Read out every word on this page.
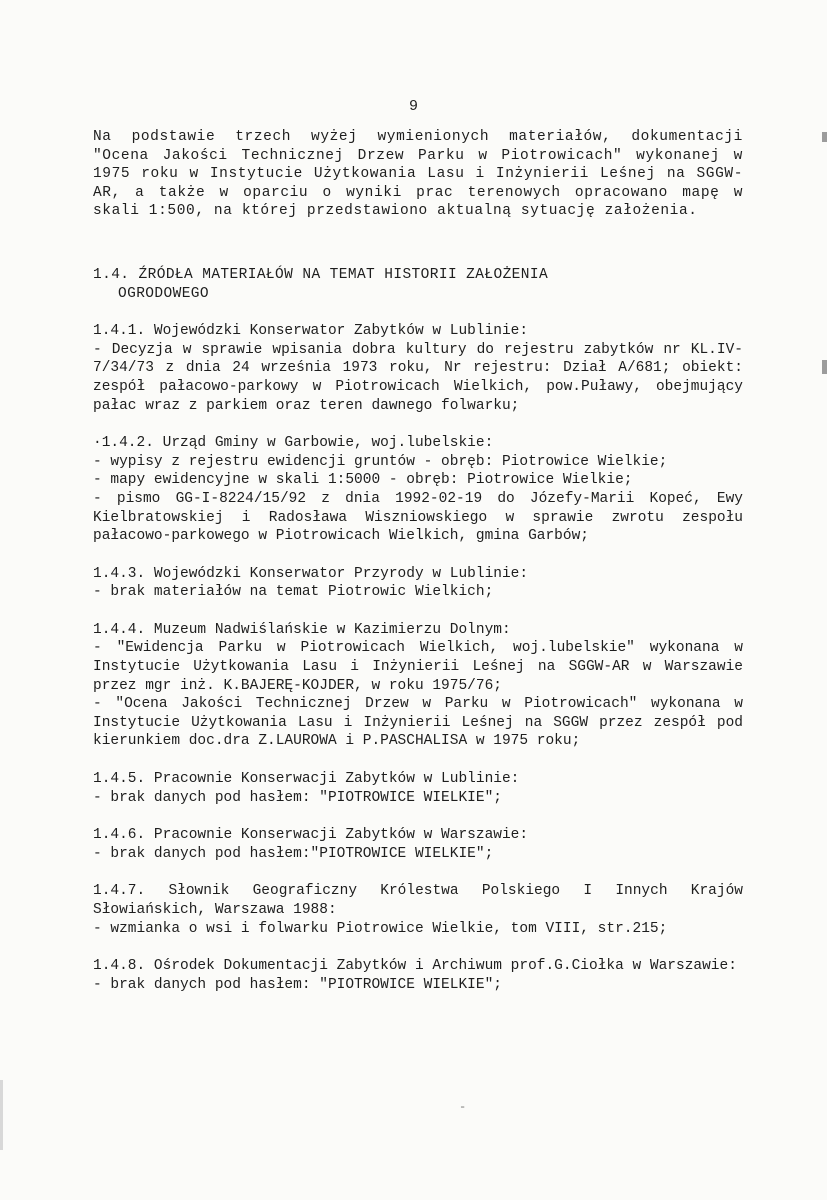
9

Na podstawie trzech wyżej wymienionych materiałów, dokumentacji "Ocena Jakości Technicznej Drzew Parku w Piotrowicach" wykonanej w 1975 roku w Instytucie Użytkowania Lasu i Inżynierii Leśnej na SGGW-AR, a także w oparciu o wyniki prac terenowych opracowano mapę w skali 1:500, na której przedstawiono aktualną sytuację założenia.

1.4. ŹRÓDŁA MATERIAŁÓW NA TEMAT HISTORII ZAŁOŻENIA
OGRODOWEGO

1.4.1. Wojewódzki Konserwator Zabytków w Lublinie:

- Decyzja w sprawie wpisania dobra kultury do rejestru zabytków nr KL.IV-7/34/73 z dnia 24 września 1973 roku, Nr rejestru: Dział A/681; obiekt: zespół pałacowo-parkowy w Piotrowicach Wielkich, pow.Puławy, obejmujący pałac wraz z parkiem oraz teren dawnego folwarku;

·1.4.2. Urząd Gminy w Garbowie, woj.lubelskie:

- wypisy z rejestru ewidencji gruntów - obręb: Piotrowice Wielkie;
- mapy ewidencyjne w skali 1:5000 - obręb: Piotrowice Wielkie;
- pismo GG-I-8224/15/92 z dnia 1992-02-19 do Józefy-Marii Kopeć, Ewy Kielbratowskiej i Radosława Wiszniowskiego w sprawie zwrotu zespołu pałacowo-parkowego w Piotrowicach Wielkich, gmina Garbów;

1.4.3. Wojewódzki Konserwator Przyrody w Lublinie:

- brak materiałów na temat Piotrowic Wielkich;

1.4.4. Muzeum Nadwiślańskie w Kazimierzu Dolnym:

- "Ewidencja Parku w Piotrowicach Wielkich, woj.lubelskie" wykonana w Instytucie Użytkowania Lasu i Inżynierii Leśnej na SGGW-AR w Warszawie przez mgr inż. K.BAJERĘ-KOJDER, w roku 1975/76;
- "Ocena Jakości Technicznej Drzew w Parku w Piotrowicach" wykonana w Instytucie Użytkowania Lasu i Inżynierii Leśnej na SGGW przez zespół pod kierunkiem doc.dra Z.LAUROWA i P.PASCHALISA w 1975 roku;

1.4.5. Pracownie Konserwacji Zabytków w Lublinie:

- brak danych pod hasłem: "PIOTROWICE WIELKIE";

1.4.6. Pracownie Konserwacji Zabytków w Warszawie:

- brak danych pod hasłem:"PIOTROWICE WIELKIE";

1.4.7. Słownik Geograficzny Królestwa Polskiego I Innych Krajów Słowiańskich, Warszawa 1988:

- wzmianka o wsi i folwarku Piotrowice Wielkie, tom VIII, str.215;

1.4.8. Ośrodek Dokumentacji Zabytków i Archiwum prof.G.Ciołka w Warszawie:

- brak danych pod hasłem: "PIOTROWICE WIELKIE";

-
